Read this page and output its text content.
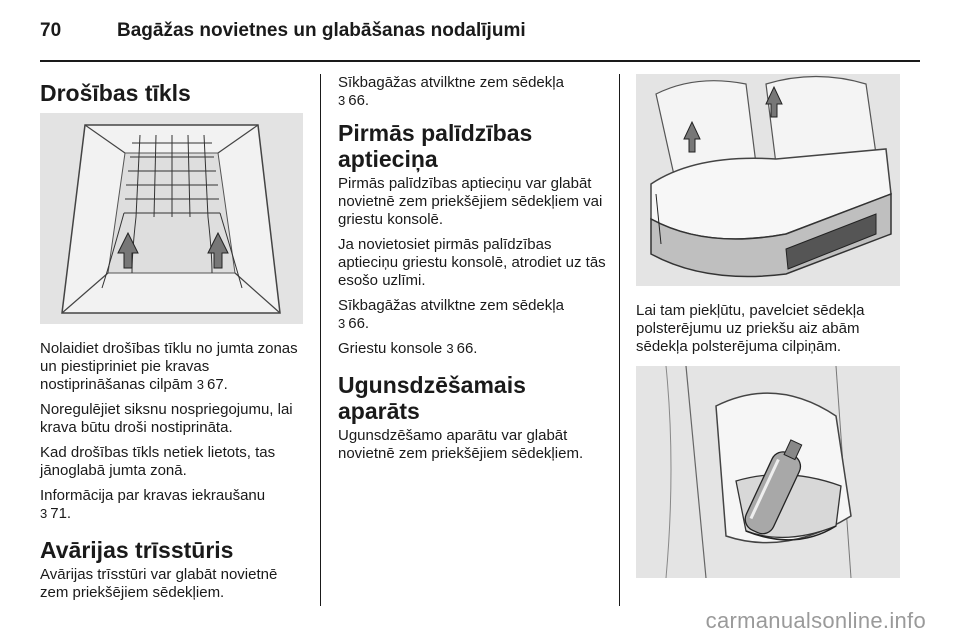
70	Bagāžas novietnes un glabāšanas nodalījumi
Drošības tīkls

Nolaidiet drošības tīklu no jumta zonas un piestipriniet pie kravas nostiprināšanas cilpām 3 67.

Noregulējiet siksnu nospriegojumu, lai krava būtu droši nostiprināta.

Kad drošības tīkls netiek lietots, tas jānoglabā jumta zonā.

Informācija par kravas iekraušanu
3 71.

Avārijas trīsstūris

Avārijas trīsstūri var glabāt novietnē zem priekšējiem sēdekļiem.

Sīkbagāžas atvilktne zem sēdekļa
3 66.

Pirmās palīdzības aptieciņa

Pirmās palīdzības aptieciņu var glabāt novietnē zem priekšējiem sēdekļiem vai griestu konsolē.

Ja novietosiet pirmās palīdzības aptieciņu griestu konsolē, atrodiet uz tās esošo uzlīmi.

Sīkbagāžas atvilktne zem sēdekļa
3 66.

Griestu konsole 3 66.

Ugunsdzēšamais aparāts

Ugunsdzēšamo aparātu var glabāt novietnē zem priekšējiem sēdekļiem.

Lai tam piekļūtu, pavelciet sēdekļa polsterējumu uz priekšu aiz abām sēdekļa polsterējuma cilpiņām.

carmanualsonline.info
